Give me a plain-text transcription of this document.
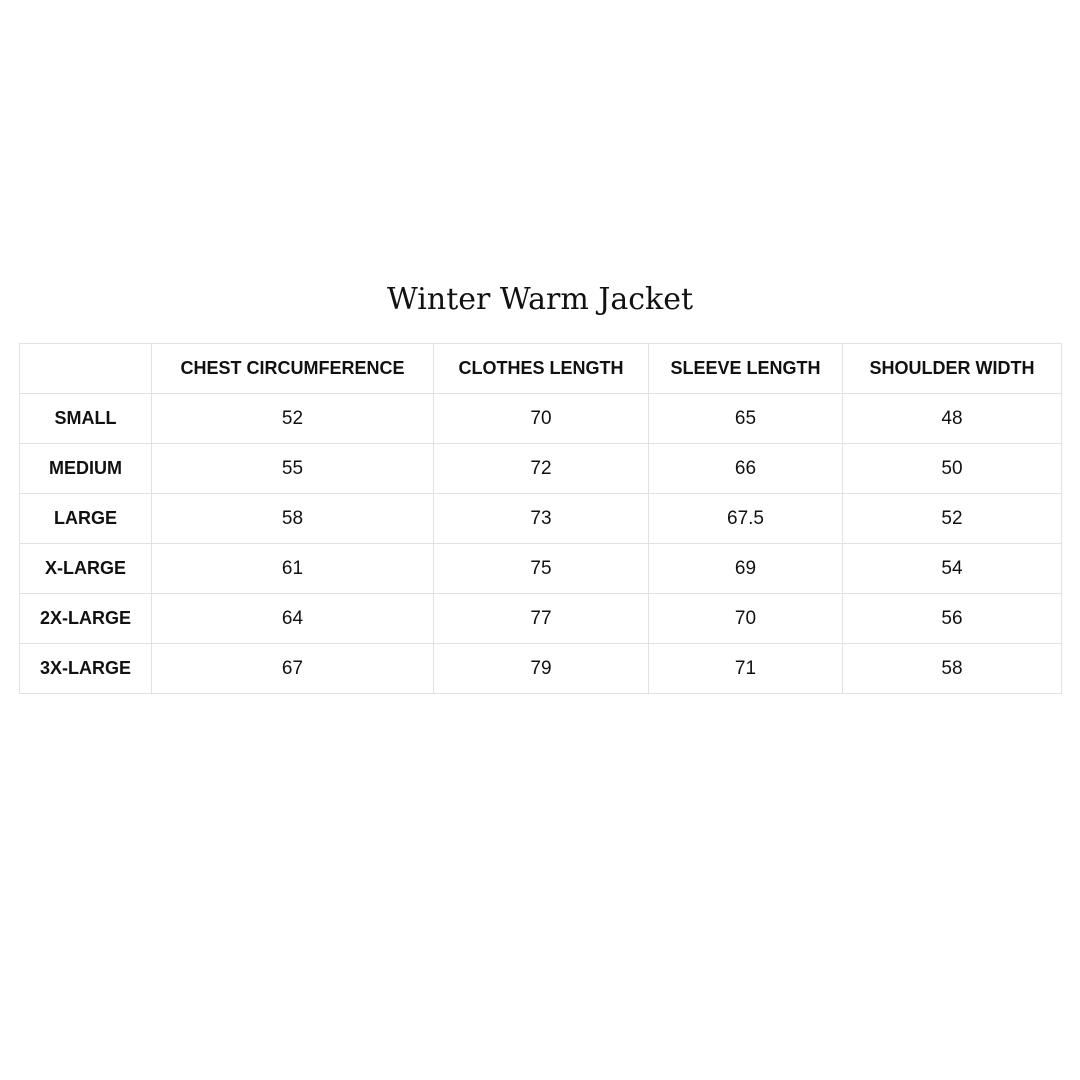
Winter Warm Jacket
	CHEST CIRCUMFERENCE	CLOTHES LENGTH	SLEEVE LENGTH	SHOULDER WIDTH
SMALL	52	70	65	48
MEDIUM	55	72	66	50
LARGE	58	73	67.5	52
X-LARGE	61	75	69	54
2X-LARGE	64	77	70	56
3X-LARGE	67	79	71	58
